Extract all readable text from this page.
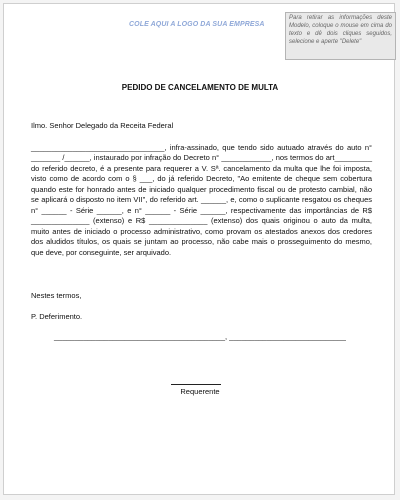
COLE AQUI A LOGO DA SUA EMPRESA
Para retirar as informações deste Modelo, coloque o mouse em cima do texto e dê dois cliques seguidos, selecione e aperte "Delete"
PEDIDO DE CANCELAMENTO DE MULTA
Ilmo. Senhor Delegado da Receita Federal

________________________________, infra-assinado, que tendo sido autuado através do auto n° _______ /______, instaurado por infração do Decreto n° ____________, nos termos do art_________ do referido decreto, é a presente para requerer a V. Sª. cancelamento da multa que lhe foi imposta, visto como de acordo com o § ___, do já referido Decreto, "Ao emitente de cheque sem cobertura quando este for honrado antes de iniciado qualquer procedimento fiscal ou de protesto cambial, não se aplicará o disposto no item VII", do referido art. ______, e, como o suplicante resgatou os cheques n° ______ - Série ______, e n° ______ - Série ______, respectivamente das importâncias de R$ ______________ (extenso) e R$ ______________ (extenso) dos quais originou o auto da multa, muito antes de iniciado o processo administrativo, como provam os atestados anexos dos credores dos aludidos títulos, os quais se juntam ao processo, não cabe mais o prosseguimento do mesmo, que deve, por conseguinte, ser arquivado.

Nestes termos,
P. Deferimento.
_________________________________________, ____________________________
Requerente
